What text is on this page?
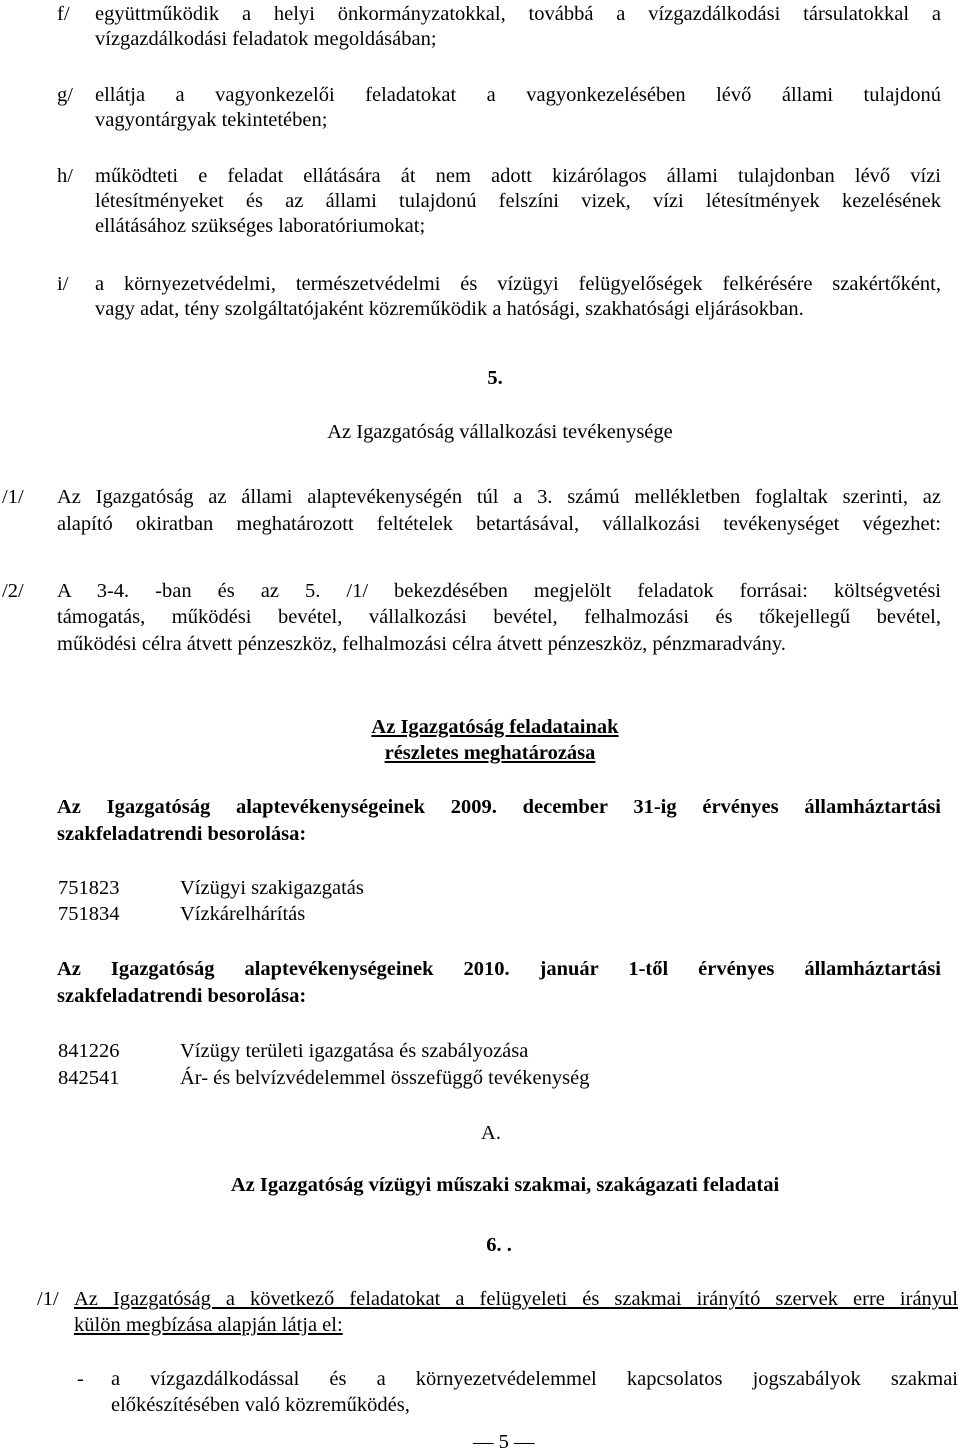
f/ együttműködik a helyi önkormányzatokkal, továbbá a vízgazdálkodási társulatokkal a
vízgazdálkodási feladatok megoldásában;
g/ ellátja a vagyonkezelői feladatokat a vagyonkezelésében lévő állami tulajdonú
vagyontárgyak tekintetében;
h/ működteti e feladat ellátására át nem adott kizárólagos állami tulajdonban lévő vízi
létesítményeket és az állami tulajdonú felszíni vizek, vízi létesítmények kezelésének
ellátásához szükséges laboratóriumokat;
i/ a környezetvédelmi, természetvédelmi és vízügyi felügyelőségek felkérésére szakértőként,
vagy adat, tény szolgáltatójaként közreműködik a hatósági, szakhatósági eljárásokban.
5.
Az Igazgatóság vállalkozási tevékenysége
/1/ Az Igazgatóság az állami alaptevékenységén túl a 3. számú mellékletben foglaltak szerinti, az
alapító okiratban meghatározott feltételek betartásával, vállalkozási tevékenységet végezhet:
/2/ A 3-4. -ban és az 5. /1/ bekezdésében megjelölt feladatok forrásai: költségvetési
támogatás, működési bevétel, vállalkozási bevétel, felhalmozási és tőkejellegű bevétel,
működési célra átvett pénzeszköz, felhalmozási célra átvett pénzeszköz, pénzmaradvány.
Az Igazgatóság feladatainak
részletes meghatározása
Az Igazgatóság alaptevékenységeinek 2009. december 31-ig érvényes államháztartási
szakfeladatrendi besorolása:
751823	Vízügyi szakigazgatás
751834	Vízkárelhárítás
Az Igazgatóság alaptevékenységeinek 2010. január 1-től érvényes államháztartási
szakfeladatrendi besorolása:
841226	Vízügy területi igazgatása és szabályozása
842541	Ár- és belvízvédelemmel összefüggő tevékenység
A.
Az Igazgatóság vízügyi műszaki szakmai, szakágazati feladatai
6. .
/1/ Az Igazgatóság a következő feladatokat a felügyeleti és szakmai irányító szervek erre irányul
külön megbízása alapján látja el:
- a vízgazdálkodással és a környezetvédelemmel kapcsolatos jogszabályok szakmai
előkészítésében való közreműködés,
— 5 —
